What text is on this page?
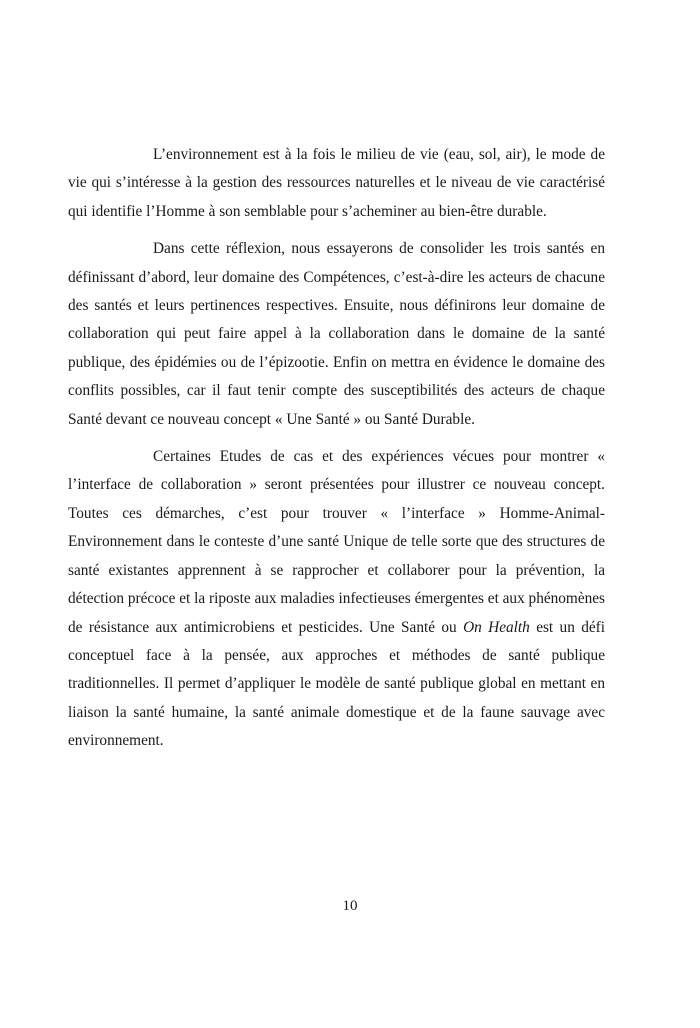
L’environnement est à la fois le milieu de vie (eau, sol, air), le mode de vie qui s’intéresse à la gestion des ressources naturelles et le niveau de vie caractérisé qui identifie l’Homme à son semblable pour s’acheminer au bien-être durable.

Dans cette réflexion, nous essayerons de consolider les trois santés en définissant d’abord, leur domaine des Compétences, c’est-à-dire les acteurs de chacune des santés et leurs pertinences respectives. Ensuite, nous définirons leur domaine de collaboration qui peut faire appel à la collaboration dans le domaine de la santé publique, des épidémies ou de l’épizootie. Enfin on mettra en évidence le domaine des conflits possibles, car il faut tenir compte des susceptibilités des acteurs de chaque Santé devant ce nouveau concept « Une Santé » ou Santé Durable.

Certaines Etudes de cas et des expériences vécues pour montrer « l’interface de collaboration » seront présentées pour illustrer ce nouveau concept. Toutes ces démarches, c’est pour trouver « l’interface » Homme-Animal- Environnement dans le conteste d’une santé Unique de telle sorte que des structures de santé existantes apprennent à se rapprocher et collaborer pour la prévention, la détection précoce et la riposte aux maladies infectieuses émergentes et aux phénomènes de résistance aux antimicrobiens et pesticides. Une Santé ou On Health est un défi conceptuel face à la pensée, aux approches et méthodes de santé publique traditionnelles. Il permet d’appliquer le modèle de santé publique global en mettant en liaison la santé humaine, la santé animale domestique et de la faune sauvage avec environnement.

10
